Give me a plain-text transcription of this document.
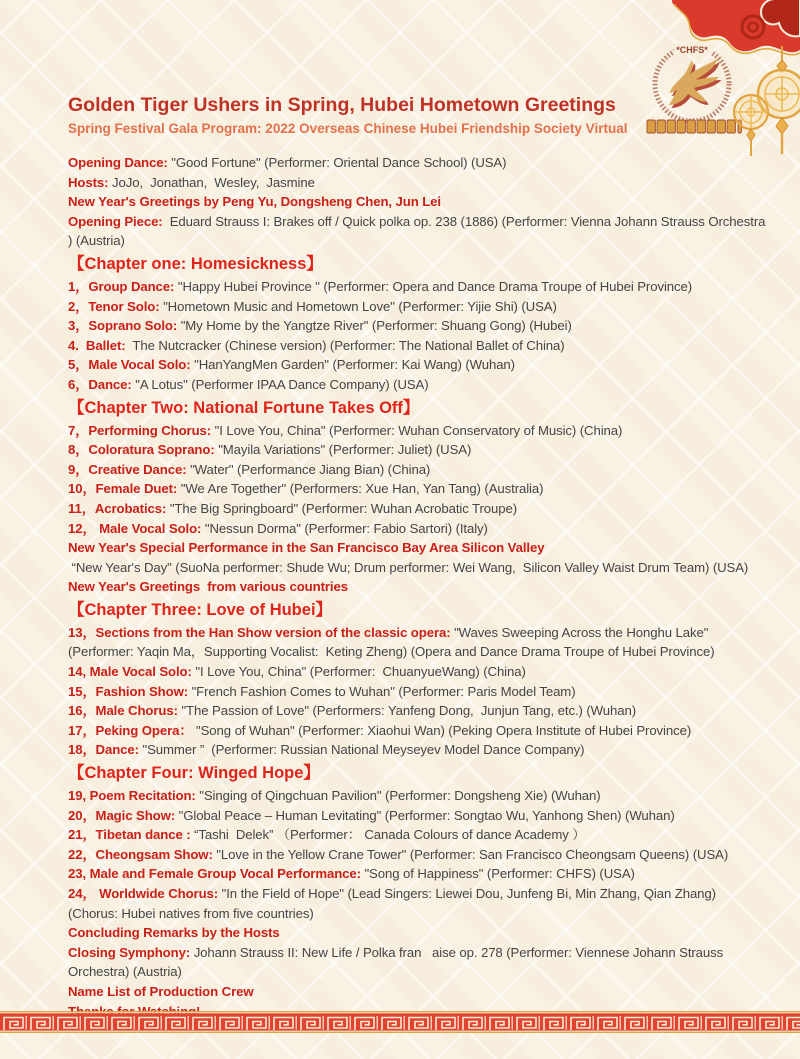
*CHFS*
Golden Tiger Ushers in Spring, Hubei Hometown Greetings

Spring Festival Gala Program: 2022 Overseas Chinese Hubei Friendship Society Virtual

Opening Dance: "Good Fortune" (Performer: Oriental Dance School) (USA)

Hosts: JoJo,  Jonathan,  Wesley,  Jasmine

New Year's Greetings by Peng Yu, Dongsheng Chen, Jun Lei

Opening Piece:  Eduard Strauss I: Brakes off / Quick polka op. 238 (1886) (Performer: Vienna Johann Strauss Orchestra ) (Austria)

【Chapter one: Homesickness】

1，Group Dance: "Happy Hubei Province " (Performer: Opera and Dance Drama Troupe of Hubei Province)

2，Tenor Solo: "Hometown Music and Hometown Love" (Performer: Yijie Shi) (USA)

3，Soprano Solo: "My Home by the Yangtze River" (Performer: Shuang Gong) (Hubei)

4.  Ballet:  The Nutcracker (Chinese version) (Performer: The National Ballet of China)

5，Male Vocal Solo: "HanYangMen Garden" (Performer: Kai Wang) (Wuhan)

6，Dance: "A Lotus" (Performer IPAA Dance Company) (USA)

【Chapter Two: National Fortune Takes Off】

7，Performing Chorus: "I Love You, China" (Performer: Wuhan Conservatory of Music) (China)

8，Coloratura Soprano: "Mayila Variations" (Performer: Juliet) (USA)

9，Creative Dance: "Water" (Performance Jiang Bian) (China)

10，Female Duet: "We Are Together" (Performers: Xue Han, Yan Tang) (Australia)

11，Acrobatics: "The Big Springboard" (Performer: Wuhan Acrobatic Troupe)

12， Male Vocal Solo: "Nessun Dorma" (Performer: Fabio Sartori) (Italy)

New Year's Special Performance in the San Francisco Bay Area Silicon Valley

“New Year's Day" (SuoNa performer: Shude Wu; Drum performer: Wei Wang,  Silicon Valley Waist Drum Team) (USA)

New Year's Greetings  from various countries

【Chapter Three: Love of Hubei】

13，Sections from the Han Show version of the classic opera: "Waves Sweeping Across the Honghu Lake" (Performer: Yaqin Ma，Supporting Vocalist:  Keting Zheng) (Opera and Dance Drama Troupe of Hubei Province)

14, Male Vocal Solo: "I Love You, China" (Performer:  ChuanyueWang) (China)

15，Fashion Show: "French Fashion Comes to Wuhan" (Performer: Paris Model Team)

16，Male Chorus: "The Passion of Love" (Performers: Yanfeng Dong,  Junjun Tang, etc.) (Wuhan)

17，Peking Opera： "Song of Wuhan" (Performer: Xiaohui Wan) (Peking Opera Institute of Hubei Province)

18，Dance: "Summer ”  (Performer: Russian National Meyseyev Model Dance Company)

【Chapter Four: Winged Hope】

19, Poem Recitation: "Singing of Qingchuan Pavilion" (Performer: Dongsheng Xie) (Wuhan)

20，Magic Show: "Global Peace – Human Levitating" (Performer: Songtao Wu, Yanhong Shen) (Wuhan)

21，Tibetan dance : “Tashi  Delek” （Performer： Canada Colours of dance Academy ）

22，Cheongsam Show: "Love in the Yellow Crane Tower" (Performer: San Francisco Cheongsam Queens) (USA)

23, Male and Female Group Vocal Performance: "Song of Happiness" (Performer: CHFS) (USA)

24， Worldwide Chorus: "In the Field of Hope" (Lead Singers: Liewei Dou, Junfeng Bi, Min Zhang, Qian Zhang) (Chorus: Hubei natives from five countries)

Concluding Remarks by the Hosts

Closing Symphony: Johann Strauss II: New Life / Polka fran   aise op. 278 (Performer: Viennese Johann Strauss Orchestra) (Austria)

Name List of Production Crew
